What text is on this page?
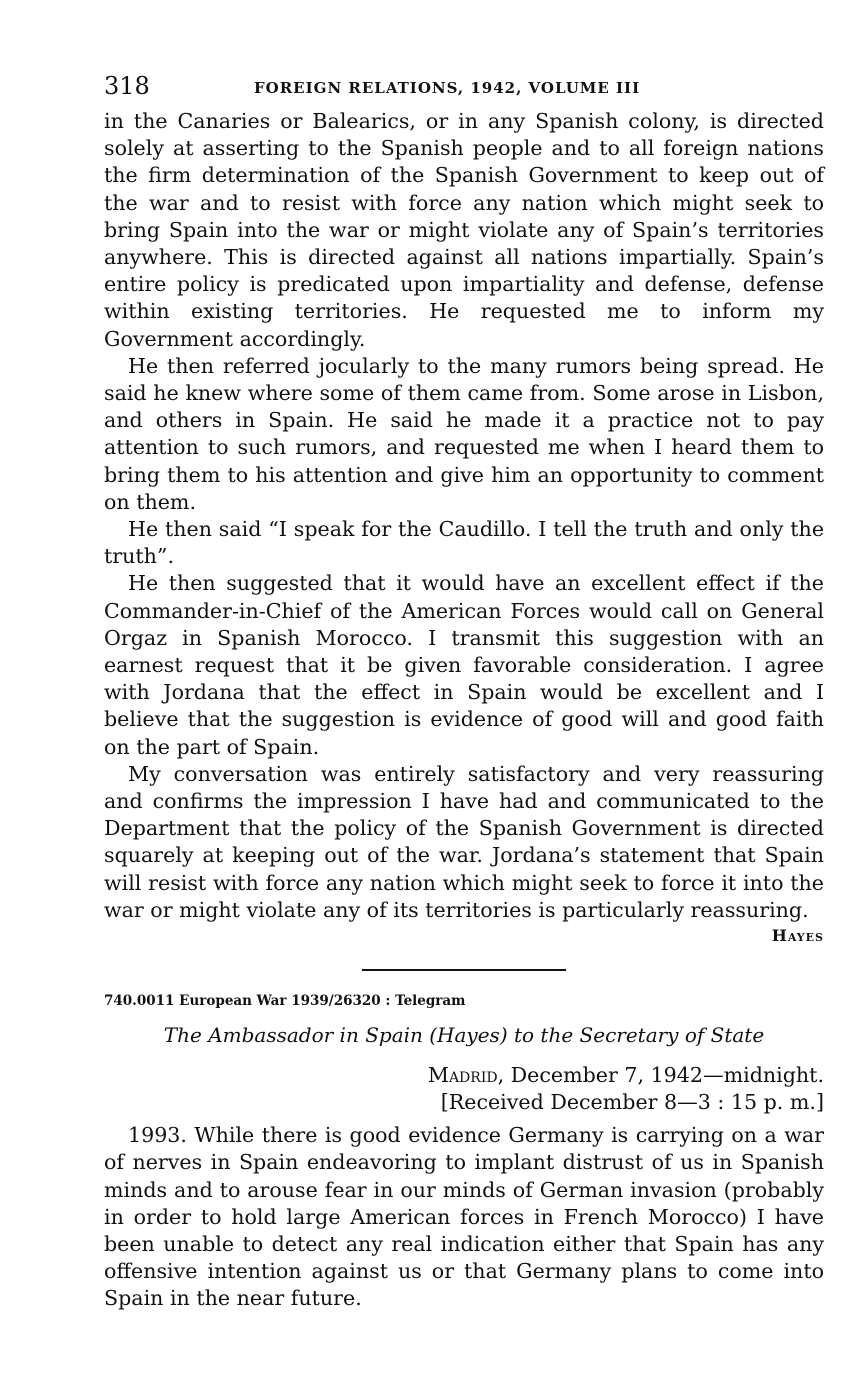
318	FOREIGN RELATIONS, 1942, VOLUME III

in the Canaries or Balearics, or in any Spanish colony, is directed solely at asserting to the Spanish people and to all foreign nations the firm determination of the Spanish Government to keep out of the war and to resist with force any nation which might seek to bring Spain into the war or might violate any of Spain’s territories anywhere. This is directed against all nations impartially. Spain’s entire policy is predicated upon impartiality and defense, defense within existing territories. He requested me to inform my Government accordingly.

He then referred jocularly to the many rumors being spread. He said he knew where some of them came from. Some arose in Lisbon, and others in Spain. He said he made it a practice not to pay attention to such rumors, and requested me when I heard them to bring them to his attention and give him an opportunity to comment on them.

He then said “I speak for the Caudillo. I tell the truth and only the truth”.

He then suggested that it would have an excellent effect if the Commander-in-Chief of the American Forces would call on General Orgaz in Spanish Morocco. I transmit this suggestion with an earnest request that it be given favorable consideration. I agree with Jordana that the effect in Spain would be excellent and I believe that the suggestion is evidence of good will and good faith on the part of Spain.

My conversation was entirely satisfactory and very reassuring and confirms the impression I have had and communicated to the Department that the policy of the Spanish Government is directed squarely at keeping out of the war. Jordana’s statement that Spain will resist with force any nation which might seek to force it into the war or might violate any of its territories is particularly reassuring.

Hayes
740.0011 European War 1939/26320 : Telegram
The Ambassador in Spain (Hayes) to the Secretary of State
Madrid, December 7, 1942—midnight.
[Received December 8—3 : 15 p. m.]

1993. While there is good evidence Germany is carrying on a war of nerves in Spain endeavoring to implant distrust of us in Spanish minds and to arouse fear in our minds of German invasion (probably in order to hold large American forces in French Morocco) I have been unable to detect any real indication either that Spain has any offensive intention against us or that Germany plans to come into Spain in the near future.
